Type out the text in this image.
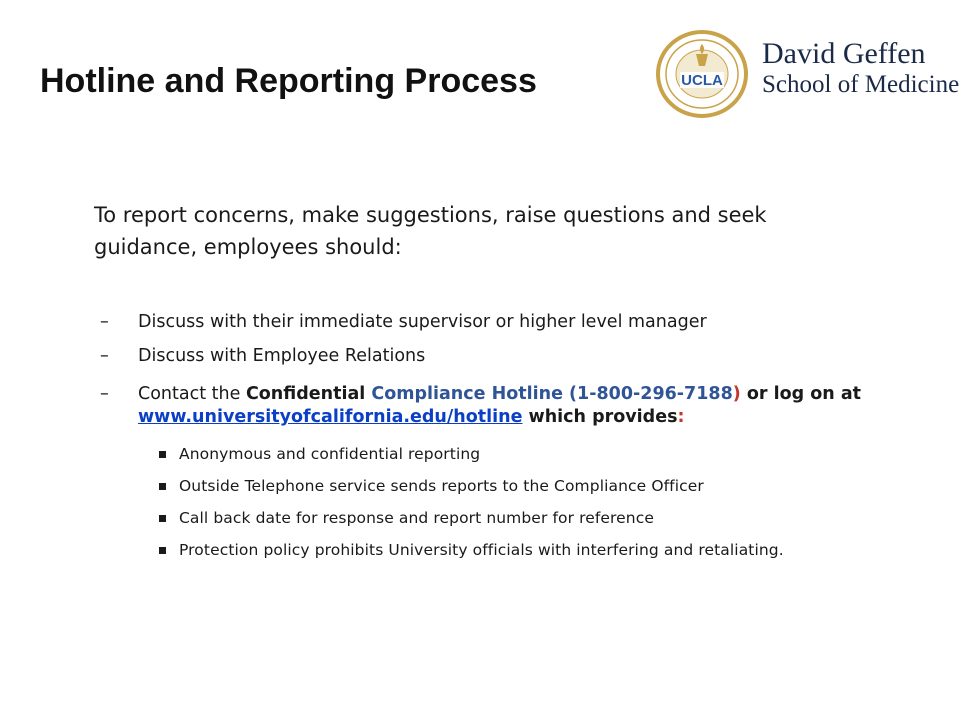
Hotline and Reporting Process	UCLA
David Geffen
School of Medicine

To report concerns, make suggestions, raise questions and seek guidance, employees should:

– Discuss with their immediate supervisor or higher level manager
– Discuss with Employee Relations
– Contact the Confidential Compliance Hotline (1-800-296-7188) or log on at www.universityofcalifornia.edu/hotline which provides:
Anonymous and confidential reporting
Outside Telephone service sends reports to the Compliance Officer
Call back date for response and report number for reference
Protection policy prohibits University officials with interfering and retaliating.
